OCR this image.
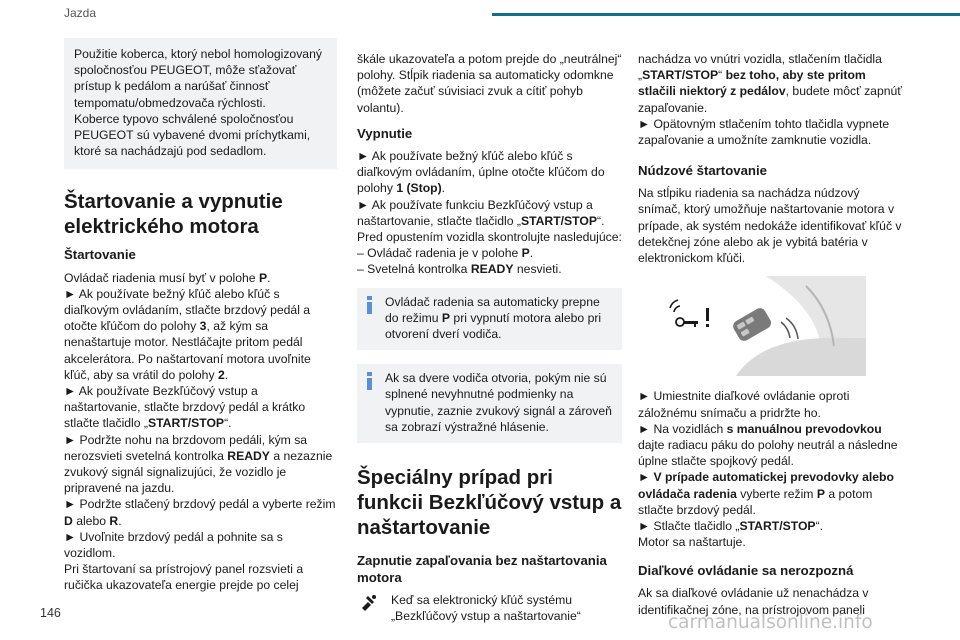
Jazda

Použitie koberca, ktorý nebol homologizovaný

spoločnosťou PEUGEOT, môže sťažovať

prístup k pedálom a narúšať činnosť

tempomatu/obmedzovača rýchlosti.

Koberce typovo schválené spoločnosťou

PEUGEOT sú vybavené dvomi príchytkami,

ktoré sa nachádzajú pod sedadlom.

Štartovanie a vypnutie elektrického motora
Štartovanie

Ovládač riadenia musí byť v polohe P.

► Ak používate bežný kľúč alebo kľúč s diaľkovým ovládaním, stlačte brzdový pedál a otočte kľúčom do polohy 3, až kým sa nenaštartuje motor. Nestláčajte pritom pedál akcelerátora. Po naštartovaní motora uvoľnite kľúč, aby sa vrátil do polohy 2.

► Ak používate Bezkľúčový vstup a naštartovanie, stlačte brzdový pedál a krátko stlačte tlačidlo „START/STOP“.

► Podržte nohu na brzdovom pedáli, kým sa nerozsvieti svetelná kontrolka READY a nezaznie zvukový signál signalizujúci, že vozidlo je pripravené na jazdu.

► Podržte stlačený brzdový pedál a vyberte režim D alebo R.

► Uvoľnite brzdový pedál a pohnite sa s vozidlom.

Pri štartovaní sa prístrojový panel rozsvieti a ručička ukazovateľa energie prejde po celej

škále ukazovateľa a potom prejde do „neutrálnej“ polohy. Stĺpik riadenia sa automaticky odomkne (môžete začuť súvisiaci zvuk a cítiť pohyb volantu).

Vypnutie

► Ak používate bežný kľúč alebo kľúč s diaľkovým ovládaním, úplne otočte kľúčom do polohy 1 (Stop).

► Ak používate funkciu Bezkľúčový vstup a naštartovanie, stlačte tlačidlo „START/STOP“.

Pred opustením vozidla skontrolujte nasledujúce:

– Ovládač radenia je v polohe P.

– Svetelná kontrolka READY nesvieti.

Ovládač radenia sa automaticky prepne do režimu P pri vypnutí motora alebo pri otvorení dverí vodiča.

Ak sa dvere vodiča otvoria, pokým nie sú splnené nevyhnutné podmienky na vypnutie, zaznie zvukový signál a zároveň sa zobrazí výstražné hlásenie.

Špeciálny prípad pri funkcii Bezkľúčový vstup a naštartovanie
Zapnutie zapaľovania bez naštartovania motora

Keď sa elektronický kľúč systému „Bezkľúčový vstup a naštartovanie“

nachádza vo vnútri vozidla, stlačením tlačidla „START/STOP“ bez toho, aby ste pritom stlačili niektorý z pedálov, budete môcť zapnúť zapaľovanie.

► Opätovným stlačením tohto tlačidla vypnete zapaľovanie a umožníte zamknutie vozidla.

Núdzové štartovanie

Na stĺpiku riadenia sa nachádza núdzový snímač, ktorý umožňuje naštartovanie motora v prípade, ak systém nedokáže identifikovať kľúč v detekčnej zóne alebo ak je vybitá batéria v elektronickom kľúči.

► Umiestnite diaľkové ovládanie oproti záložnému snímaču a pridržte ho.

► Na vozidlách s manuálnou prevodovkou dajte radiacu páku do polohy neutrál a následne úplne stlačte spojkový pedál.

► V prípade automatickej prevodovky alebo ovládača radenia vyberte režim P a potom stlačte brzdový pedál.

► Stlačte tlačidlo „START/STOP“.

Motor sa naštartuje.

Diaľkové ovládanie sa nerozpozná

Ak sa diaľkové ovládanie už nenachádza v identifikačnej zóne, na prístrojovom paneli

146	carmanualsonline.info
